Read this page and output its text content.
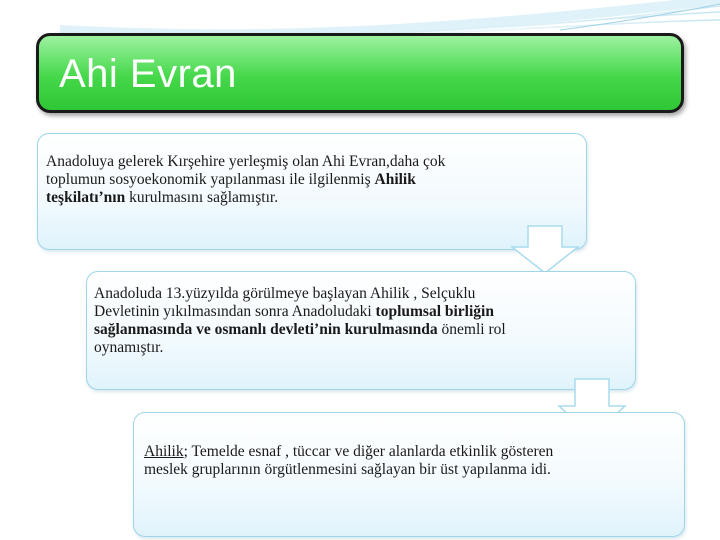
Ahi Evran
Anadoluya gelerek Kırşehire yerleşmiş olan Ahi Evran,daha çok toplumun sosyoekonomik yapılanması ile ilgilenmiş Ahilik teşkilatı’nın kurulmasını sağlamıştır.
Anadoluda 13.yüzyılda görülmeye başlayan Ahilik , Selçuklu Devletinin yıkılmasından sonra Anadoludaki toplumsal birliğin sağlanmasında ve osmanlı devleti’nin kurulmasında önemli rol oynamıştır.
Ahilik; Temelde esnaf , tüccar ve diğer alanlarda etkinlik gösteren meslek gruplarının örgütlenmesini sağlayan bir üst yapılanma idi.
